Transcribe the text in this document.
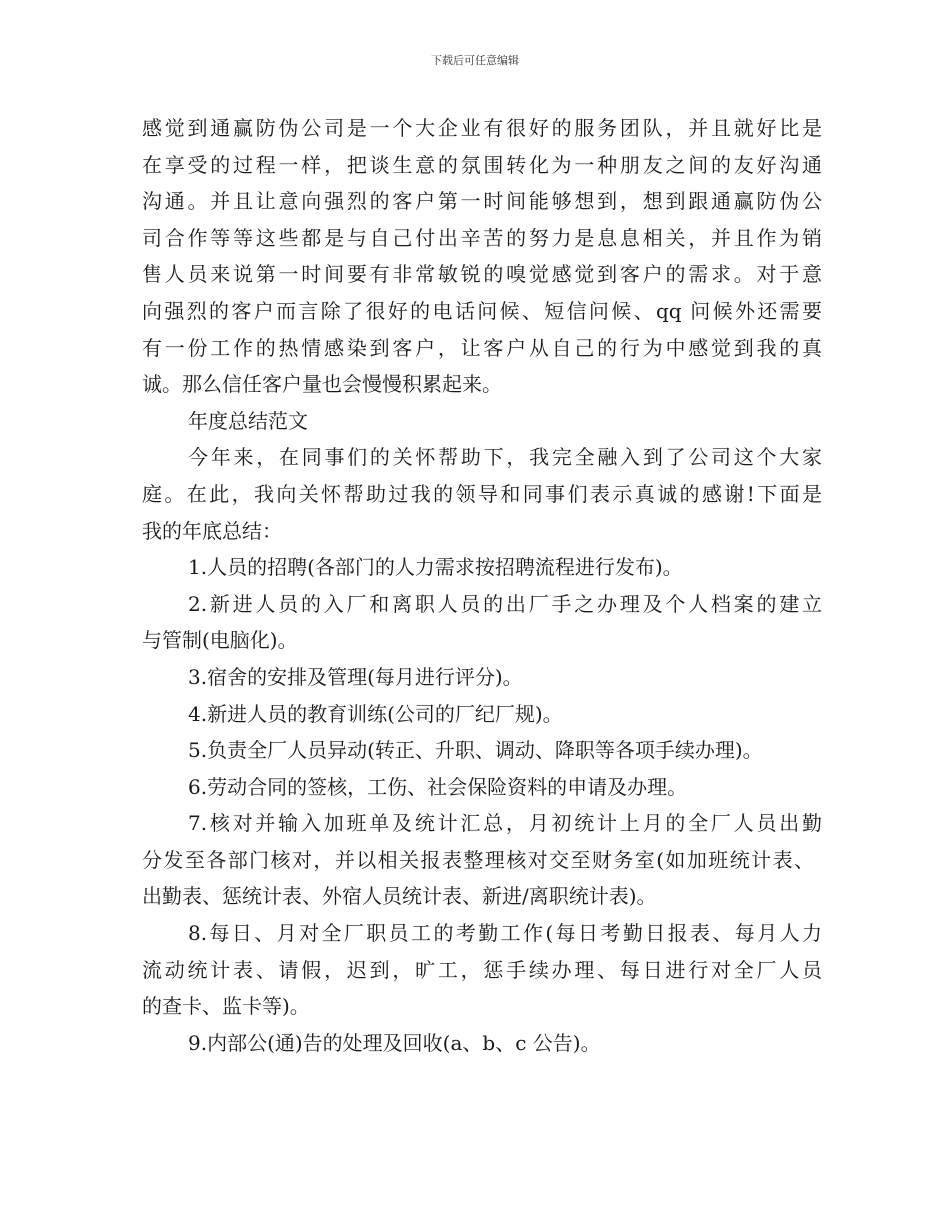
下载后可任意编辑
感觉到通赢防伪公司是一个大企业有很好的服务团队，并且就好比是
在享受的过程一样，把谈生意的氛围转化为一种朋友之间的友好沟通
沟通。并且让意向强烈的客户第一时间能够想到，想到跟通赢防伪公
司合作等等这些都是与自己付出辛苦的努力是息息相关，并且作为销
售人员来说第一时间要有非常敏锐的嗅觉感觉到客户的需求。对于意
向强烈的客户而言除了很好的电话问候、短信问候、qq 问候外还需要
有一份工作的热情感染到客户，让客户从自己的行为中感觉到我的真
诚。那么信任客户量也会慢慢积累起来。
年度总结范文
今年来，在同事们的关怀帮助下，我完全融入到了公司这个大家
庭。在此，我向关怀帮助过我的领导和同事们表示真诚的感谢!下面是
我的年底总结：
1.人员的招聘(各部门的人力需求按招聘流程进行发布)。
2.新进人员的入厂和离职人员的出厂手之办理及个人档案的建立
与管制(电脑化)。
3.宿舍的安排及管理(每月进行评分)。
4.新进人员的教育训练(公司的厂纪厂规)。
5.负责全厂人员异动(转正、升职、调动、降职等各项手续办理)。
6.劳动合同的签核，工伤、社会保险资料的申请及办理。
7.核对并输入加班单及统计汇总，月初统计上月的全厂人员出勤
分发至各部门核对，并以相关报表整理核对交至财务室(如加班统计表、
出勤表、惩统计表、外宿人员统计表、新进/离职统计表)。
8.每日、月对全厂职员工的考勤工作(每日考勤日报表、每月人力
流动统计表、请假，迟到，旷工，惩手续办理、每日进行对全厂人员
的查卡、监卡等)。
9.内部公(通)告的处理及回收(a、b、c 公告)。
